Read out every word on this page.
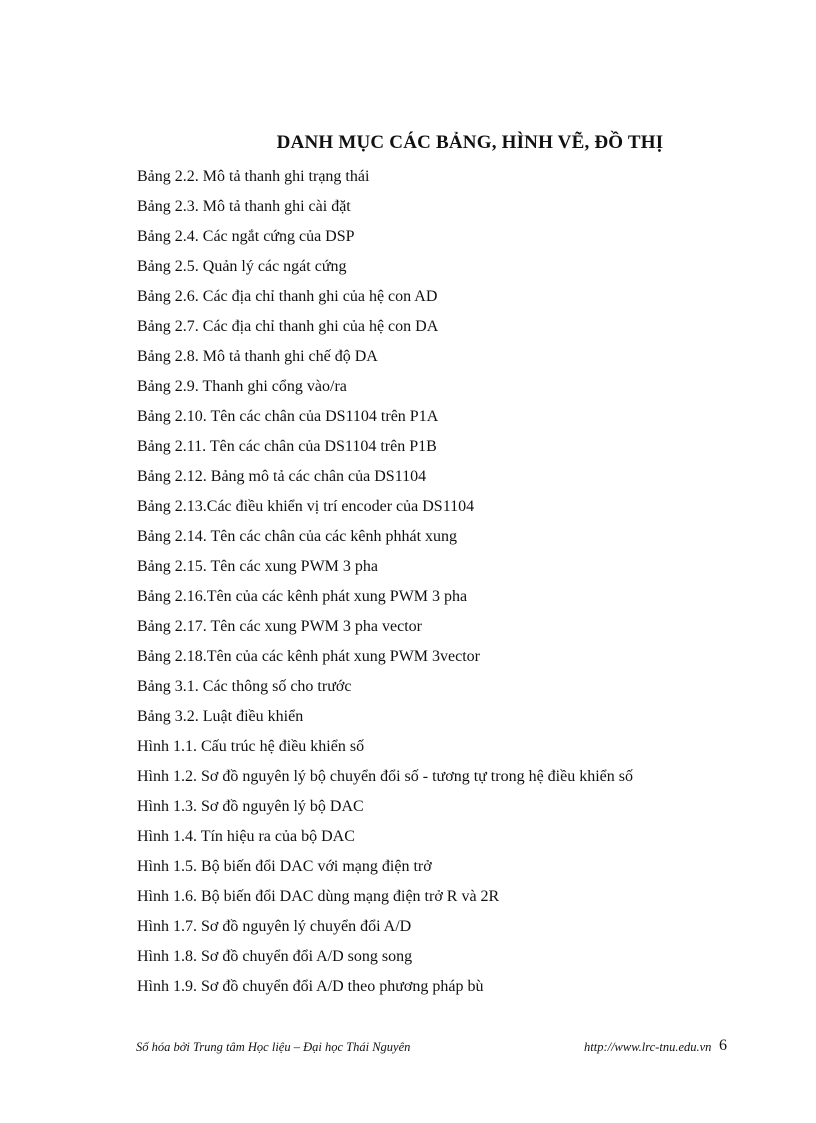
DANH MỤC CÁC BẢNG, HÌNH VẼ, ĐỒ THỊ
Bảng 2.2. Mô tả thanh ghi trạng thái
Bảng 2.3. Mô tả thanh ghi cài đặt
Bảng 2.4. Các ngắt cứng của DSP
Bảng 2.5. Quản lý các ngát cứng
Bảng 2.6. Các địa chỉ thanh ghi của hệ con AD
Bảng 2.7. Các địa chỉ thanh ghi của hệ con DA
Bảng 2.8. Mô tả thanh ghi chế độ DA
Bảng 2.9. Thanh ghi cổng vào/ra
Bảng 2.10. Tên các chân của DS1104 trên P1A
Bảng 2.11. Tên các chân của DS1104 trên P1B
Bảng 2.12. Bảng mô tả các chân của DS1104
Bảng 2.13.Các điều khiển vị trí encoder của DS1104
Bảng 2.14. Tên các chân của các kênh phhát xung
Bảng 2.15. Tên các xung PWM 3 pha
Bảng 2.16.Tên của các kênh phát xung PWM 3 pha
Bảng 2.17. Tên các xung PWM 3 pha vector
Bảng 2.18.Tên của các kênh phát xung PWM 3vector
Bảng 3.1. Các thông số cho trước
Bảng 3.2. Luật điều khiển
Hình 1.1. Cấu trúc hệ điều khiển số
Hình 1.2. Sơ đồ nguyên lý bộ chuyển đổi số - tương tự trong hệ điều khiển số
Hình 1.3. Sơ đồ nguyên lý bộ DAC
Hình 1.4. Tín hiệu ra của bộ DAC
Hình 1.5. Bộ biến đổi DAC với mạng điện trở
Hình 1.6. Bộ biến đổi DAC dùng mạng điện trở R và 2R
Hình 1.7. Sơ đồ nguyên lý chuyển đổi A/D
Hình 1.8. Sơ đồ chuyển đổi A/D song song
Hình 1.9. Sơ đồ chuyển đổi A/D theo phương pháp bù
Số hóa bởi Trung tâm Học liệu – Đại học Thái Nguyên	http://www.lrc-tnu.edu.vn 6
